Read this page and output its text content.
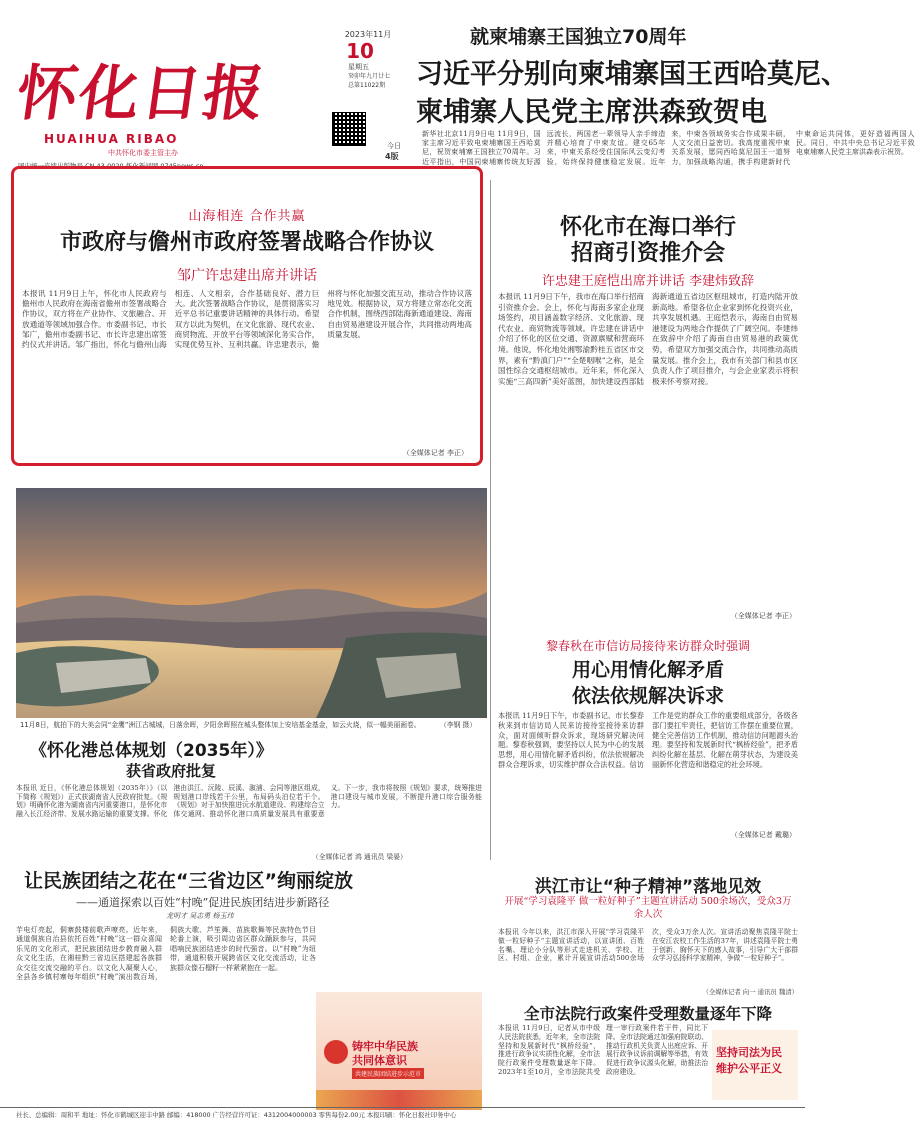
怀化日报
HUAIHUA RIBAO
中共怀化市委主管主办
国内统一连续出版物号 CN 43-0020 怀化新闻网 0745news.cn
2023年11月
10
星期五
癸卯年九月廿七
总第11022期
今日
4版
就柬埔寨王国独立70周年
习近平分别向柬埔寨国王西哈莫尼、
柬埔寨人民党主席洪森致贺电
新华社北京11月9日电 11月9日，国家主席习近平致电柬埔寨国王西哈莫尼，祝贺柬埔寨王国独立70周年。习近平指出，中国同柬埔寨传统友好源远流长，两国老一辈领导人亲手缔造并精心培育了中柬友谊。建交65年来，中柬关系经受住国际风云变幻考验，始终保持健康稳定发展。近年来，中柬各领域务实合作成果丰硕，人文交流日益密切。我高度重视中柬关系发展，愿同西哈莫尼国王一道努力，加强战略沟通，携手构建新时代中柬命运共同体，更好造福两国人民。同日，中共中央总书记习近平致电柬埔寨人民党主席洪森表示祝贺。
山海相连 合作共赢
市政府与儋州市政府签署战略合作协议
邹广许忠建出席并讲话
本报讯 11月9日上午，怀化市人民政府与儋州市人民政府在海南省儋州市签署战略合作协议，双方将在产业协作、文旅融合、开放通道等领域加强合作。市委副书记、市长邹广，儋州市委副书记、市长许忠建出席签约仪式并讲话。邹广指出，怀化与儋州山海相连、人文相亲，合作基础良好、潜力巨大。此次签署战略合作协议，是贯彻落实习近平总书记重要讲话精神的具体行动。希望双方以此为契机，在文化旅游、现代农业、商贸物流、开放平台等领域深化务实合作，实现优势互补、互利共赢。许忠建表示，儋州将与怀化加强交流互动，推动合作协议落地见效。根据协议，双方将建立常态化交流合作机制，围绕西部陆海新通道建设、海南自由贸易港建设开展合作，共同推动两地高质量发展。
（全媒体记者 李正）
怀化市在海口举行
招商引资推介会
许忠建王庭恺出席并讲话 李建炜致辞
本报讯 11月9日下午，我市在海口举行招商引资推介会。会上，怀化与海南多家企业现场签约，项目涵盖数字经济、文化旅游、现代农业、商贸物流等领域。许忠建在讲话中介绍了怀化的区位交通、资源禀赋和营商环境。他说，怀化地处湘鄂渝黔桂五省区市交界，素有“黔滇门户”“全楚咽喉”之称，是全国性综合交通枢纽城市。近年来，怀化深入实施“三高四新”美好蓝图，加快建设西部陆海新通道五省边区枢纽城市，打造内陆开放新高地。希望各位企业家到怀化投资兴业，共享发展机遇。王庭恺表示，海南自由贸易港建设为两地合作提供了广阔空间。李建炜在致辞中介绍了海南自由贸易港的政策优势，希望双方加强交流合作，共同推动高质量发展。推介会上，我市有关部门和县市区负责人作了项目推介，与会企业家表示将积极来怀考察对接。
（全媒体记者 李正）
11月8日，航拍下的大美会同“金鹰”洲江古城城，日落余晖，夕阳余晖照在城头整体加上安培基金基金，如云火烧，似一幅美丽画卷。	（李钢 摄）
黎春秋在市信访局接待来访群众时强调
用心用情化解矛盾
依法依规解决诉求
本报讯 11月9日下午，市委副书记、市长黎春秋来到市信访局人民来访接待室接待来访群众，面对面倾听群众诉求，现场研究解决问题。黎春秋强调，要坚持以人民为中心的发展思想，用心用情化解矛盾纠纷，依法依规解决群众合理诉求，切实维护群众合法权益。信访工作是党的群众工作的重要组成部分，各级各部门要扛牢责任，把信访工作摆在重要位置，健全完善信访工作机制，推动信访问题源头治理。要坚持和发展新时代“枫桥经验”，把矛盾纠纷化解在基层、化解在萌芽状态，为建设美丽新怀化营造和谐稳定的社会环境。
（全媒体记者 戴璐）
《怀化港总体规划（2035年）》
获省政府批复
本报讯 近日，《怀化港总体规划（2035年）》（以下简称《规划》）正式获湖南省人民政府批复。《规划》明确怀化港为湖南省内河重要港口，是怀化市融入长江经济带、发展水路运输的重要支撑。怀化港由洪江、沅陵、辰溪、溆浦、会同等港区组成，规划港口岸线若干公里，布局码头泊位若干个。《规划》对于加快推进沅水航道建设、构建综合立体交通网、推动怀化港口高质量发展具有重要意义。下一步，我市将按照《规划》要求，统筹推进港口建设与城市发展，不断提升港口综合服务能力。
（全媒体记者 鸿 通讯员 梁晏）
让民族团结之花在“三省边区”绚丽绽放
——通道探索以百姓“村晚”促进民族团结进步新路径
龙明才 吴志勇 杨玉玮
芋电灯亮起，侗寨鼓楼前歌声嘹亮。近年来，通道侗族自治县依托百姓“村晚”这一群众喜闻乐见的文化形式，把民族团结进步教育融入群众文化生活，在湘桂黔三省边区搭建起各族群众交往交流交融的平台。以文化人凝聚人心，全县各乡镇村寨每年组织“村晚”演出数百场，侗族大歌、芦笙舞、苗族歌舞等民族特色节目轮番上演，吸引周边省区群众踊跃参与，共同唱响民族团结进步的时代强音。以“村晚”为纽带，通道积极开展跨省区文化交流活动，让各族群众像石榴籽一样紧紧抱在一起。
铸牢中华民族
共同体意识
共建民族团结进步示范市
洪江市让“种子精神”落地见效
开展“学习袁隆平 做一粒好种子”主题宣讲活动 500余场次，受众3万余人次
本报讯 今年以来，洪江市深入开展“学习袁隆平 做一粒好种子”主题宣讲活动，以宣讲团、百姓名嘴、理论小分队等形式走进机关、学校、社区、村组、企业，累计开展宣讲活动500余场次，受众3万余人次。宣讲活动聚焦袁隆平院士在安江农校工作生活的37年，讲述袁隆平院士勇于创新、胸怀天下的感人故事，引导广大干部群众学习弘扬科学家精神，争做“一粒好种子”。
（全媒体记者 向一 通讯员 魏清）
全市法院行政案件受理数量逐年下降
本报讯 11月9日，记者从市中级人民法院获悉，近年来，全市法院坚持和发展新时代“枫桥经验”，推进行政争议实质性化解，全市法院行政案件受理数量逐年下降。2023年1至10月，全市法院共受理一审行政案件若干件，同比下降。全市法院通过加强府院联动、推动行政机关负责人出庭应诉、开展行政争议诉前调解等举措，有效促进行政争议源头化解，助推法治政府建设。
坚持司法为民
维护公平正义
社长、总编辑：周和平 地址：怀化市鹤城区迎丰中路 邮编：418000 广告经营许可证：4312004000003 零售每份2.00元 本报印刷：怀化日报社印务中心
